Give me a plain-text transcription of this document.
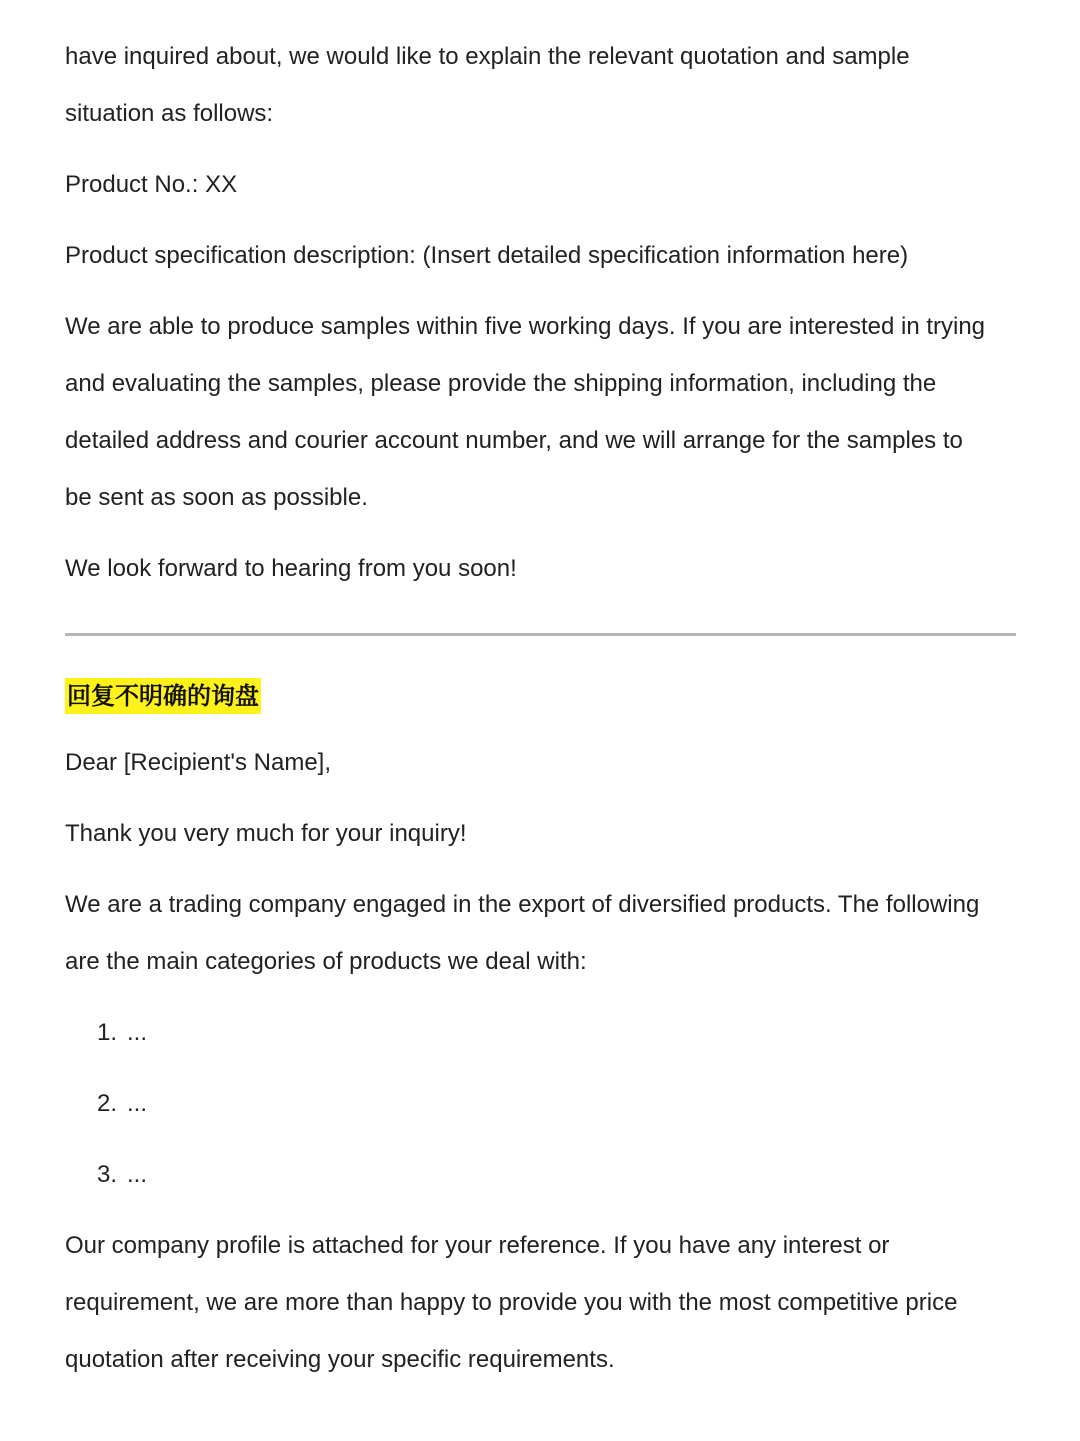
have inquired about, we would like to explain the relevant quotation and sample

situation as follows:

Product No.: XX

Product specification description: (Insert detailed specification information here)

We are able to produce samples within five working days. If you are interested in trying

and evaluating the samples, please provide the shipping information, including the

detailed address and courier account number, and we will arrange for the samples to

be sent as soon as possible.

We look forward to hearing from you soon!

回复不明确的询盘

Dear [Recipient's Name],

Thank you very much for your inquiry!

We are a trading company engaged in the export of diversified products. The following

are the main categories of products we deal with:

1. ...
2. ...
3. ...

Our company profile is attached for your reference. If you have any interest or

requirement, we are more than happy to provide you with the most competitive price

quotation after receiving your specific requirements.
